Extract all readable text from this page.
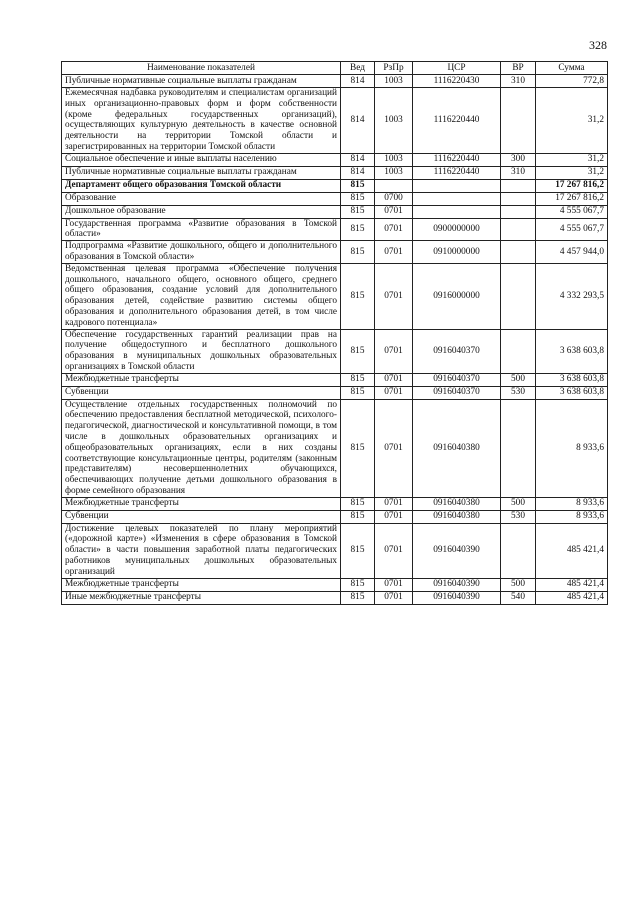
328
Наименование показателей	Вед	РзПр	ЦСР	ВР	Сумма
Публичные нормативные социальные выплаты гражданам	814	1003	1116220430	310	772,8
Ежемесячная надбавка руководителям и специалистам организаций иных организационно-правовых форм и форм собственности (кроме федеральных государственных организаций), осуществляющих культурную деятельность в качестве основной деятельности на территории Томской области и зарегистрированных на территории Томской области	814	1003	1116220440		31,2
Социальное обеспечение и иные выплаты населению	814	1003	1116220440	300	31,2
Публичные нормативные социальные выплаты гражданам	814	1003	1116220440	310	31,2
Департамент общего образования Томской области	815				17 267 816,2
Образование	815	0700			17 267 816,2
Дошкольное образование	815	0701			4 555 067,7
Государственная программа «Развитие образования в Томской области»	815	0701	0900000000		4 555 067,7
Подпрограмма «Развитие дошкольного, общего и дополнительного образования в Томской области»	815	0701	0910000000		4 457 944,0
Ведомственная целевая программа «Обеспечение получения дошкольного, начального общего, основного общего, среднего общего образования, создание условий для дополнительного образования детей, содействие развитию системы общего образования и дополнительного образования детей, в том числе кадрового потенциала»	815	0701	0916000000		4 332 293,5
Обеспечение государственных гарантий реализации прав на получение общедоступного и бесплатного дошкольного образования в муниципальных дошкольных образовательных организациях в Томской области	815	0701	0916040370		3 638 603,8
Межбюджетные трансферты	815	0701	0916040370	500	3 638 603,8
Субвенции	815	0701	0916040370	530	3 638 603,8
Осуществление отдельных государственных полномочий по обеспечению предоставления бесплатной методической, психолого-педагогической, диагностической и консультативной помощи, в том числе в дошкольных образовательных организациях и общеобразовательных организациях, если в них созданы соответствующие консультационные центры, родителям (законным представителям) несовершеннолетних обучающихся, обеспечивающих получение детьми дошкольного образования в форме семейного образования	815	0701	0916040380		8 933,6
Межбюджетные трансферты	815	0701	0916040380	500	8 933,6
Субвенции	815	0701	0916040380	530	8 933,6
Достижение целевых показателей по плану мероприятий («дорожной карте») «Изменения в сфере образования в Томской области» в части повышения заработной платы педагогических работников муниципальных дошкольных образовательных организаций	815	0701	0916040390		485 421,4
Межбюджетные трансферты	815	0701	0916040390	500	485 421,4
Иные межбюджетные трансферты	815	0701	0916040390	540	485 421,4
